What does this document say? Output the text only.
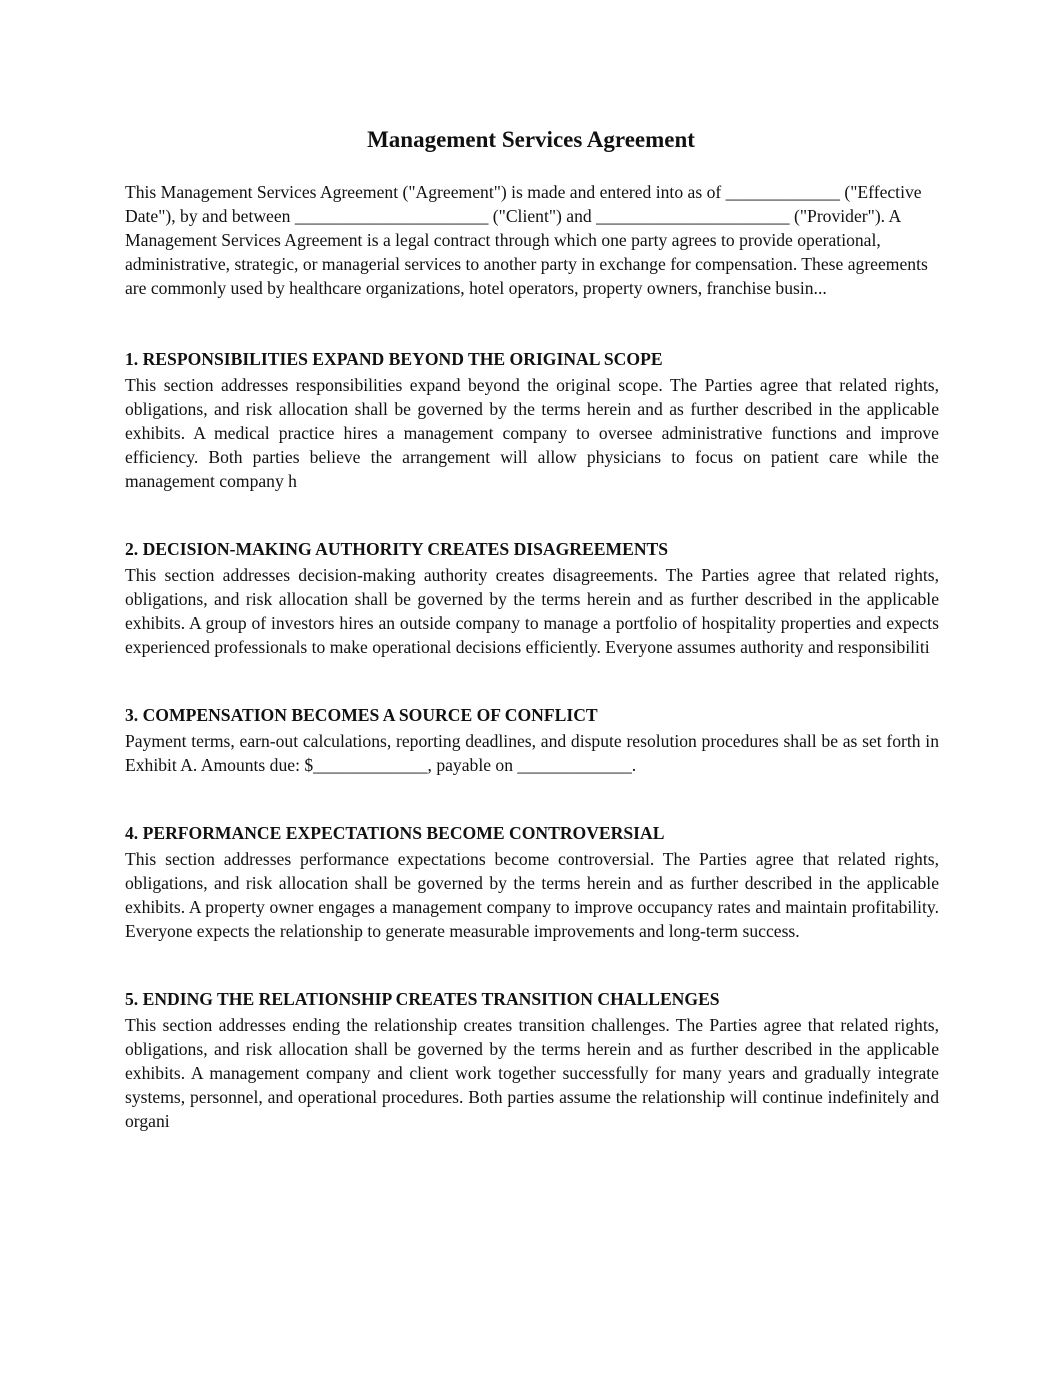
Management Services Agreement

This Management Services Agreement ("Agreement") is made and entered into as of _____________ ("Effective Date"), by and between ______________________ ("Client") and ______________________ ("Provider"). A Management Services Agreement is a legal contract through which one party agrees to provide operational, administrative, strategic, or managerial services to another party in exchange for compensation. These agreements are commonly used by healthcare organizations, hotel operators, property owners, franchise busin...

1. RESPONSIBILITIES EXPAND BEYOND THE ORIGINAL SCOPE

This section addresses responsibilities expand beyond the original scope. The Parties agree that related rights, obligations, and risk allocation shall be governed by the terms herein and as further described in the applicable exhibits. A medical practice hires a management company to oversee administrative functions and improve efficiency. Both parties believe the arrangement will allow physicians to focus on patient care while the management company h

2. DECISION-MAKING AUTHORITY CREATES DISAGREEMENTS

This section addresses decision-making authority creates disagreements. The Parties agree that related rights, obligations, and risk allocation shall be governed by the terms herein and as further described in the applicable exhibits. A group of investors hires an outside company to manage a portfolio of hospitality properties and expects experienced professionals to make operational decisions efficiently. Everyone assumes authority and responsibiliti

3. COMPENSATION BECOMES A SOURCE OF CONFLICT

Payment terms, earn-out calculations, reporting deadlines, and dispute resolution procedures shall be as set forth in Exhibit A. Amounts due: $_____________, payable on _____________.

4. PERFORMANCE EXPECTATIONS BECOME CONTROVERSIAL

This section addresses performance expectations become controversial. The Parties agree that related rights, obligations, and risk allocation shall be governed by the terms herein and as further described in the applicable exhibits. A property owner engages a management company to improve occupancy rates and maintain profitability. Everyone expects the relationship to generate measurable improvements and long-term success.

5. ENDING THE RELATIONSHIP CREATES TRANSITION CHALLENGES

This section addresses ending the relationship creates transition challenges. The Parties agree that related rights, obligations, and risk allocation shall be governed by the terms herein and as further described in the applicable exhibits. A management company and client work together successfully for many years and gradually integrate systems, personnel, and operational procedures. Both parties assume the relationship will continue indefinitely and organi
